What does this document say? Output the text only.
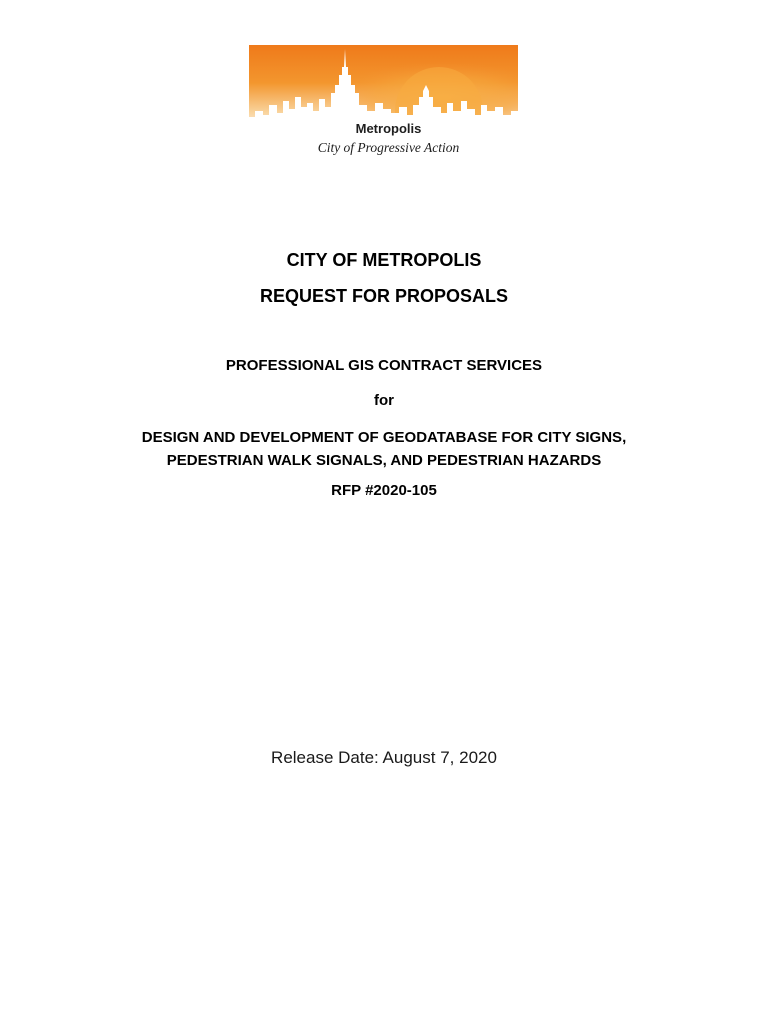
Metropolis
City of Progressive Action
CITY OF METROPOLIS
REQUEST FOR PROPOSALS
PROFESSIONAL GIS CONTRACT SERVICES
for
DESIGN AND DEVELOPMENT OF GEODATABASE FOR CITY SIGNS,
PEDESTRIAN WALK SIGNALS, AND PEDESTRIAN HAZARDS
RFP #2020-105
Release Date: August 7, 2020
